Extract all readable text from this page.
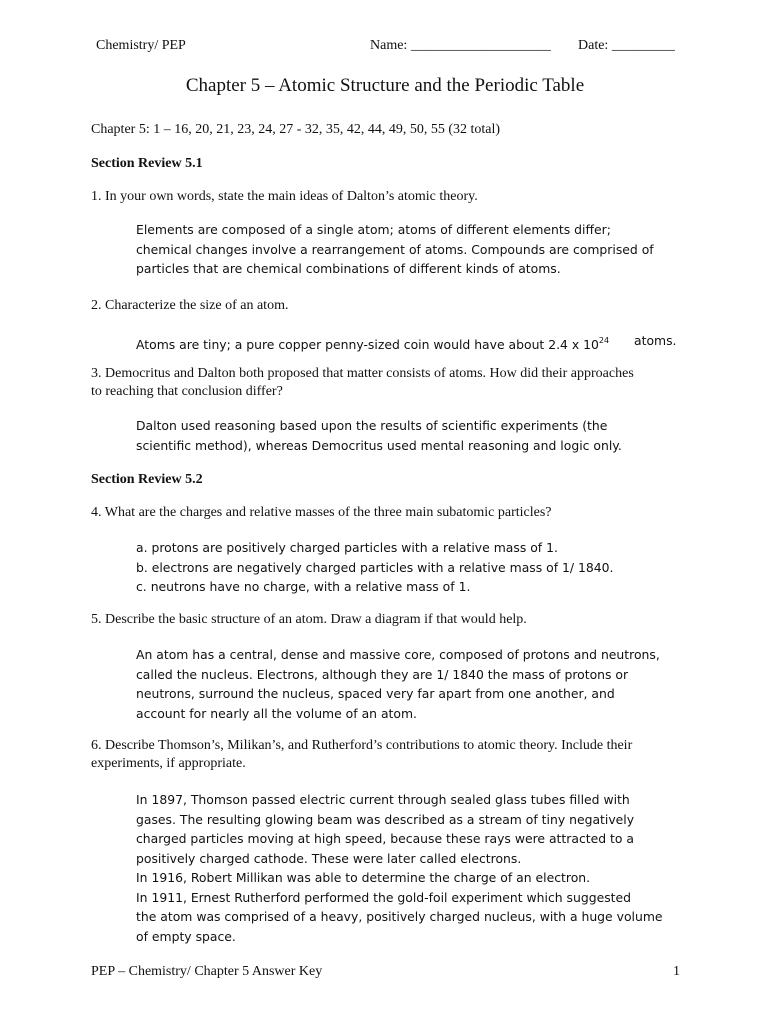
Chemistry/ PEP	Name: ____________________ Date: _________
Chapter 5 – Atomic Structure and the Periodic Table
Chapter 5: 1 – 16, 20, 21, 23, 24, 27 - 32, 35, 42, 44, 49, 50, 55 (32 total)
Section Review 5.1
1. In your own words, state the main ideas of Dalton’s atomic theory.
Elements are composed of a single atom; atoms of different elements differ;
chemical changes involve a rearrangement of atoms. Compounds are comprised of
particles that are chemical combinations of different kinds of atoms.
2. Characterize the size of an atom.
Atoms are tiny; a pure copper penny-sized coin would have about 2.4 x $10^{24}$ atoms.
3. Democritus and Dalton both proposed that matter consists of atoms. How did their approaches
to reaching that conclusion differ?
Dalton used reasoning based upon the results of scientific experiments (the
scientific method), whereas Democritus used mental reasoning and logic only.
Section Review 5.2
4. What are the charges and relative masses of the three main subatomic particles?
a. protons are positively charged particles with a relative mass of 1.
b. electrons are negatively charged particles with a relative mass of 1/ 1840.
c. neutrons have no charge, with a relative mass of 1.
5. Describe the basic structure of an atom. Draw a diagram if that would help.
An atom has a central, dense and massive core, composed of protons and neutrons,
called the nucleus. Electrons, although they are 1/ 1840 the mass of protons or
neutrons, surround the nucleus, spaced very far apart from one another, and
account for nearly all the volume of an atom.
6. Describe Thomson’s, Milikan’s, and Rutherford’s contributions to atomic theory. Include their
experiments, if appropriate.
In 1897, Thomson passed electric current through sealed glass tubes filled with
gases. The resulting glowing beam was described as a stream of tiny negatively
charged particles moving at high speed, because these rays were attracted to a
positively charged cathode. These were later called electrons.
In 1916, Robert Millikan was able to determine the charge of an electron.
In 1911, Ernest Rutherford performed the gold-foil experiment which suggested
the atom was comprised of a heavy, positively charged nucleus, with a huge volume
of empty space.
PEP – Chemistry/ Chapter 5 Answer Key	1
